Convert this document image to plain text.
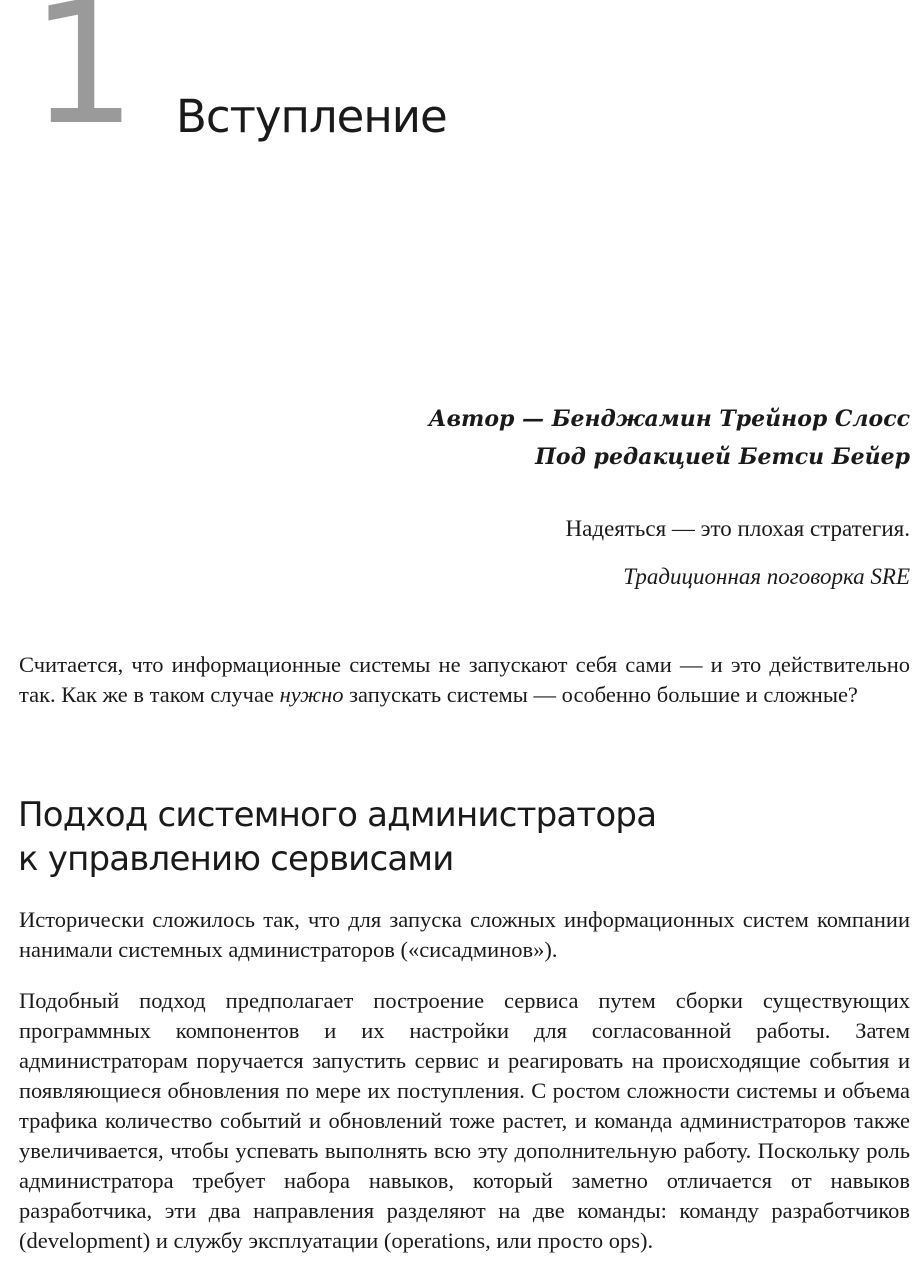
1 Вступление
Автор — Бенджамин Трейнор Слосс
Под редакцией Бетси Бейер
Надеяться — это плохая стратегия.
Традиционная поговорка SRE

Считается, что информационные системы не запускают себя сами — и это действительно так. Как же в таком случае нужно запускать системы — особенно большие и сложные?

Подход системного администратора
к управлению сервисами

Исторически сложилось так, что для запуска сложных информационных систем компании нанимали системных администраторов («сисадминов»).

Подобный подход предполагает построение сервиса путем сборки существующих программных компонентов и их настройки для согласованной работы. Затем администраторам поручается запустить сервис и реагировать на происходящие события и появляющиеся обновления по мере их поступления. С ростом сложности системы и объема трафика количество событий и обновлений тоже растет, и команда администраторов также увеличивается, чтобы успевать выполнять всю эту дополнительную работу. Поскольку роль администратора требует набора навыков, который заметно отличается от навыков разработчика, эти два направления разделяют на две команды: команду разработчиков (development) и службу эксплуатации (operations, или просто ops).
